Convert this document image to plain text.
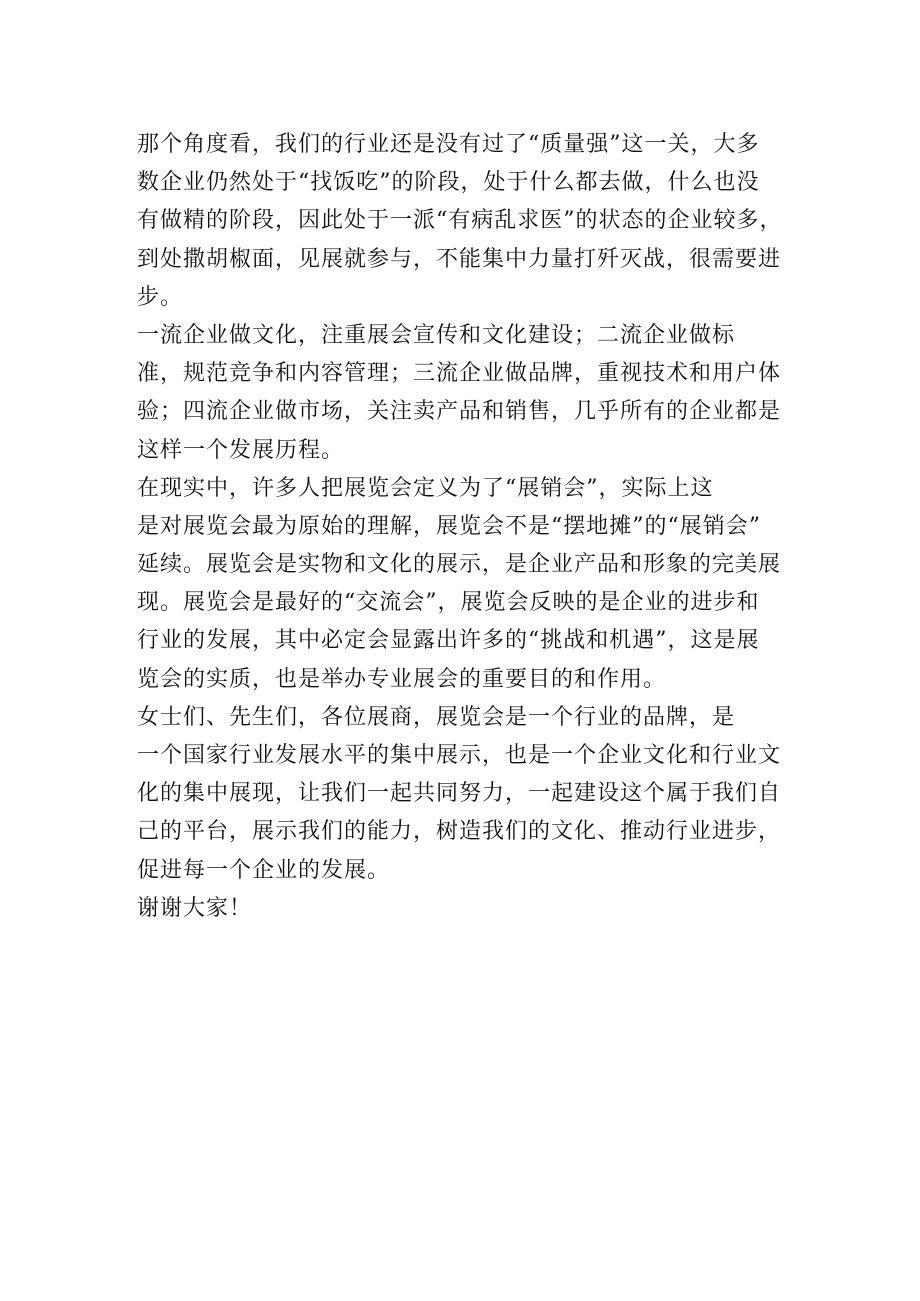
那个角度看，我们的行业还是没有过了“质量强”这一关，大多
数企业仍然处于“找饭吃”的阶段，处于什么都去做，什么也没
有做精的阶段，因此处于一派“有病乱求医”的状态的企业较多，
到处撒胡椒面，见展就参与，不能集中力量打歼灭战，很需要进
步。
一流企业做文化，注重展会宣传和文化建设；二流企业做标
准，规范竞争和内容管理；三流企业做品牌，重视技术和用户体
验；四流企业做市场，关注卖产品和销售，几乎所有的企业都是
这样一个发展历程。
在现实中，许多人把展览会定义为了“展销会”，实际上这
是对展览会最为原始的理解，展览会不是“摆地摊”的“展销会”
延续。展览会是实物和文化的展示，是企业产品和形象的完美展
现。展览会是最好的“交流会”，展览会反映的是企业的进步和
行业的发展，其中必定会显露出许多的“挑战和机遇”，这是展
览会的实质，也是举办专业展会的重要目的和作用。
女士们、先生们，各位展商，展览会是一个行业的品牌，是
一个国家行业发展水平的集中展示，也是一个企业文化和行业文
化的集中展现，让我们一起共同努力，一起建设这个属于我们自
己的平台，展示我们的能力，树造我们的文化、推动行业进步，
促进每一个企业的发展。
谢谢大家！
